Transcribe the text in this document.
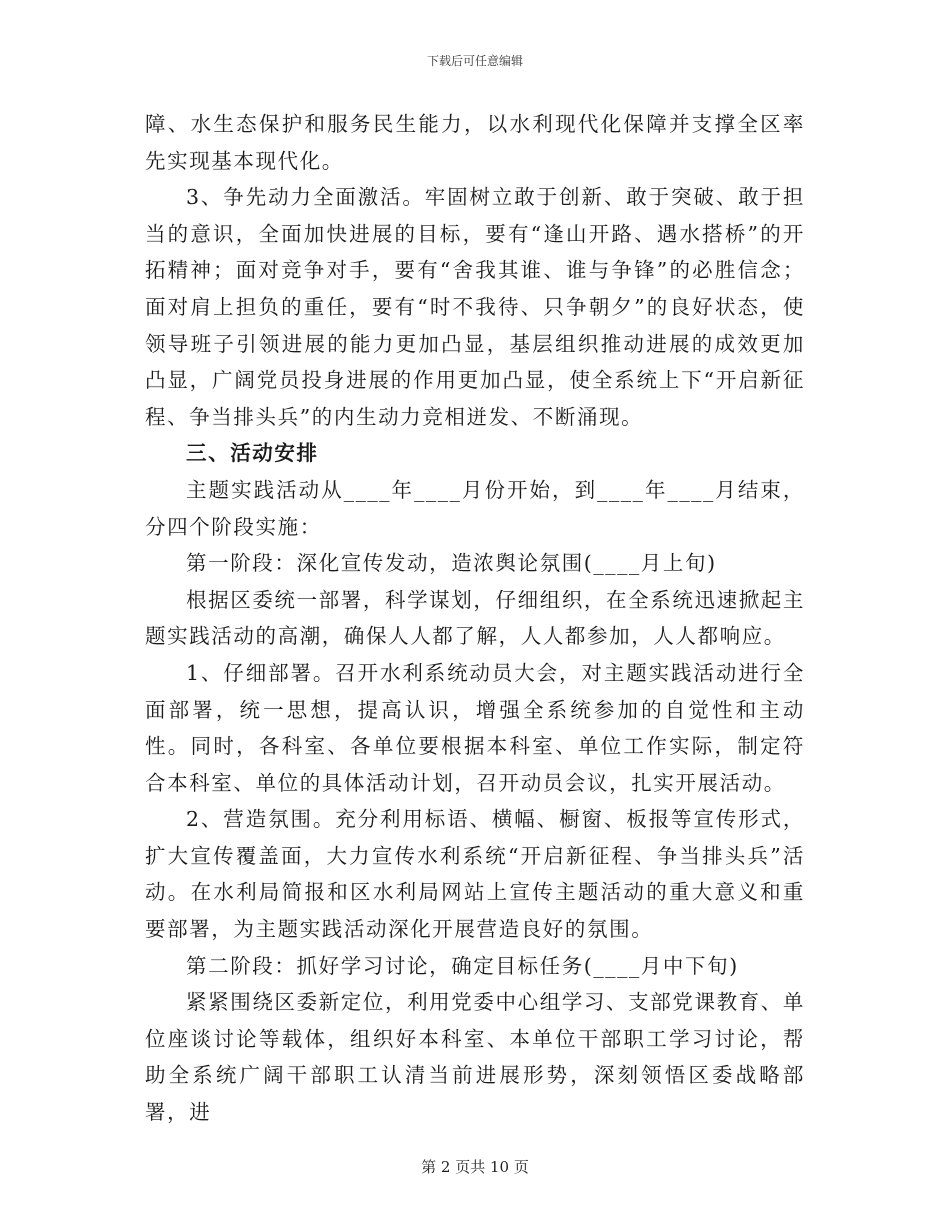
下载后可任意编辑

障、水生态保护和服务民生能力，以水利现代化保障并支撑全区率先实现基本现代化。

3、争先动力全面激活。牢固树立敢于创新、敢于突破、敢于担当的意识，全面加快进展的目标，要有“逢山开路、遇水搭桥”的开拓精神；面对竞争对手，要有“舍我其谁、谁与争锋”的必胜信念；面对肩上担负的重任，要有“时不我待、只争朝夕”的良好状态，使领导班子引领进展的能力更加凸显，基层组织推动进展的成效更加凸显，广阔党员投身进展的作用更加凸显，使全系统上下“开启新征程、争当排头兵”的内生动力竞相迸发、不断涌现。

三、活动安排

主题实践活动从____年____月份开始，到____年____月结束，分四个阶段实施：

第一阶段：深化宣传发动，造浓舆论氛围(____月上旬)

根据区委统一部署，科学谋划，仔细组织，在全系统迅速掀起主题实践活动的高潮，确保人人都了解，人人都参加，人人都响应。

1、仔细部署。召开水利系统动员大会，对主题实践活动进行全面部署，统一思想，提高认识，增强全系统参加的自觉性和主动性。同时，各科室、各单位要根据本科室、单位工作实际，制定符合本科室、单位的具体活动计划，召开动员会议，扎实开展活动。

2、营造氛围。充分利用标语、横幅、橱窗、板报等宣传形式，扩大宣传覆盖面，大力宣传水利系统“开启新征程、争当排头兵”活动。在水利局简报和区水利局网站上宣传主题活动的重大意义和重要部署，为主题实践活动深化开展营造良好的氛围。

第二阶段：抓好学习讨论，确定目标任务(____月中下旬)

紧紧围绕区委新定位，利用党委中心组学习、支部党课教育、单位座谈讨论等载体，组织好本科室、本单位干部职工学习讨论，帮助全系统广阔干部职工认清当前进展形势，深刻领悟区委战略部署，进

第 2 页共 10 页
